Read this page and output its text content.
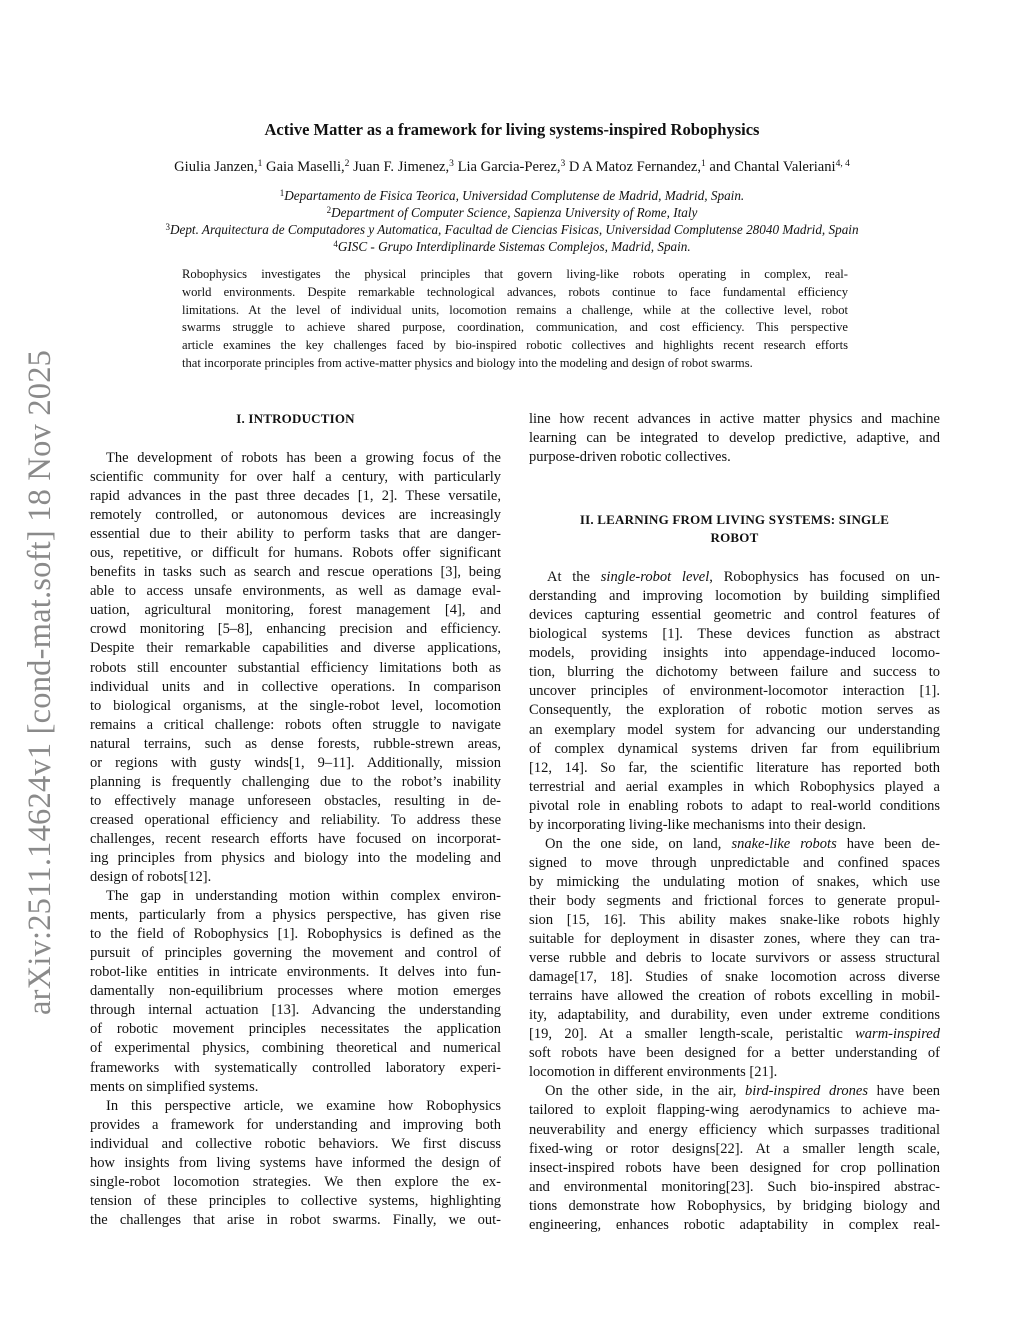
arXiv:2511.14624v1 [cond-mat.soft] 18 Nov 2025
Active Matter as a framework for living systems-inspired Robophysics
Giulia Janzen,$^1$ Gaia Maselli,$^2$ Juan F. Jimenez,$^3$ Lia Garcia-Perez,$^3$ D A Matoz Fernandez,$^1$ and Chantal Valeriani$^{4, 4}$
$^1$Departamento de Fisica Teorica, Universidad Complutense de Madrid, Madrid, Spain.
$^2$Department of Computer Science, Sapienza University of Rome, Italy
$^3$Dept. Arquitectura de Computadores y Automatica, Facultad de Ciencias Fisicas, Universidad Complutense 28040 Madrid, Spain
$^4$GISC - Grupo Interdiplinarde Sistemas Complejos, Madrid, Spain.
Robophysics investigates the physical principles that govern living-like robots operating in complex, real-
world environments. Despite remarkable technological advances, robots continue to face fundamental efficiency
limitations. At the level of individual units, locomotion remains a challenge, while at the collective level, robot
swarms struggle to achieve shared purpose, coordination, communication, and cost efficiency. This perspective
article examines the key challenges faced by bio-inspired robotic collectives and highlights recent research efforts
that incorporate principles from active-matter physics and biology into the modeling and design of robot swarms.
I. INTRODUCTION
The development of robots has been a growing focus of the
scientific community for over half a century, with particularly
rapid advances in the past three decades [1, 2]. These versatile,
remotely controlled, or autonomous devices are increasingly
essential due to their ability to perform tasks that are danger-
ous, repetitive, or difficult for humans. Robots offer significant
benefits in tasks such as search and rescue operations [3], being
able to access unsafe environments, as well as damage eval-
uation, agricultural monitoring, forest management [4], and
crowd monitoring [5–8], enhancing precision and efficiency.
Despite their remarkable capabilities and diverse applications,
robots still encounter substantial efficiency limitations both as
individual units and in collective operations. In comparison
to biological organisms, at the single-robot level, locomotion
remains a critical challenge: robots often struggle to navigate
natural terrains, such as dense forests, rubble-strewn areas,
or regions with gusty winds[1, 9–11]. Additionally, mission
planning is frequently challenging due to the robot’s inability
to effectively manage unforeseen obstacles, resulting in de-
creased operational efficiency and reliability. To address these
challenges, recent research efforts have focused on incorporat-
ing principles from physics and biology into the modeling and
design of robots[12].
The gap in understanding motion within complex environ-
ments, particularly from a physics perspective, has given rise
to the field of Robophysics [1]. Robophysics is defined as the
pursuit of principles governing the movement and control of
robot-like entities in intricate environments. It delves into fun-
damentally non-equilibrium processes where motion emerges
through internal actuation [13]. Advancing the understanding
of robotic movement principles necessitates the application
of experimental physics, combining theoretical and numerical
frameworks with systematically controlled laboratory experi-
ments on simplified systems.
In this perspective article, we examine how Robophysics
provides a framework for understanding and improving both
individual and collective robotic behaviors. We first discuss
how insights from living systems have informed the design of
single-robot locomotion strategies. We then explore the ex-
tension of these principles to collective systems, highlighting
the challenges that arise in robot swarms. Finally, we out-
line how recent advances in active matter physics and machine
learning can be integrated to develop predictive, adaptive, and
purpose-driven robotic collectives.
II. LEARNING FROM LIVING SYSTEMS: SINGLE
ROBOT
At the single-robot level, Robophysics has focused on un-
derstanding and improving locomotion by building simplified
devices capturing essential geometric and control features of
biological systems [1]. These devices function as abstract
models, providing insights into appendage-induced locomo-
tion, blurring the dichotomy between failure and success to
uncover principles of environment-locomotor interaction [1].
Consequently, the exploration of robotic motion serves as
an exemplary model system for advancing our understanding
of complex dynamical systems driven far from equilibrium
[12, 14]. So far, the scientific literature has reported both
terrestrial and aerial examples in which Robophysics played a
pivotal role in enabling robots to adapt to real-world conditions
by incorporating living-like mechanisms into their design.
On the one side, on land, snake-like robots have been de-
signed to move through unpredictable and confined spaces
by mimicking the undulating motion of snakes, which use
their body segments and frictional forces to generate propul-
sion [15, 16]. This ability makes snake-like robots highly
suitable for deployment in disaster zones, where they can tra-
verse rubble and debris to locate survivors or assess structural
damage[17, 18]. Studies of snake locomotion across diverse
terrains have allowed the creation of robots excelling in mobil-
ity, adaptability, and durability, even under extreme conditions
[19, 20]. At a smaller length-scale, peristaltic warm-inspired
soft robots have been designed for a better understanding of
locomotion in different environments [21].
On the other side, in the air, bird-inspired drones have been
tailored to exploit flapping-wing aerodynamics to achieve ma-
neuverability and energy efficiency which surpasses traditional
fixed-wing or rotor designs[22]. At a smaller length scale,
insect-inspired robots have been designed for crop pollination
and environmental monitoring[23]. Such bio-inspired abstrac-
tions demonstrate how Robophysics, by bridging biology and
engineering, enhances robotic adaptability in complex real-
